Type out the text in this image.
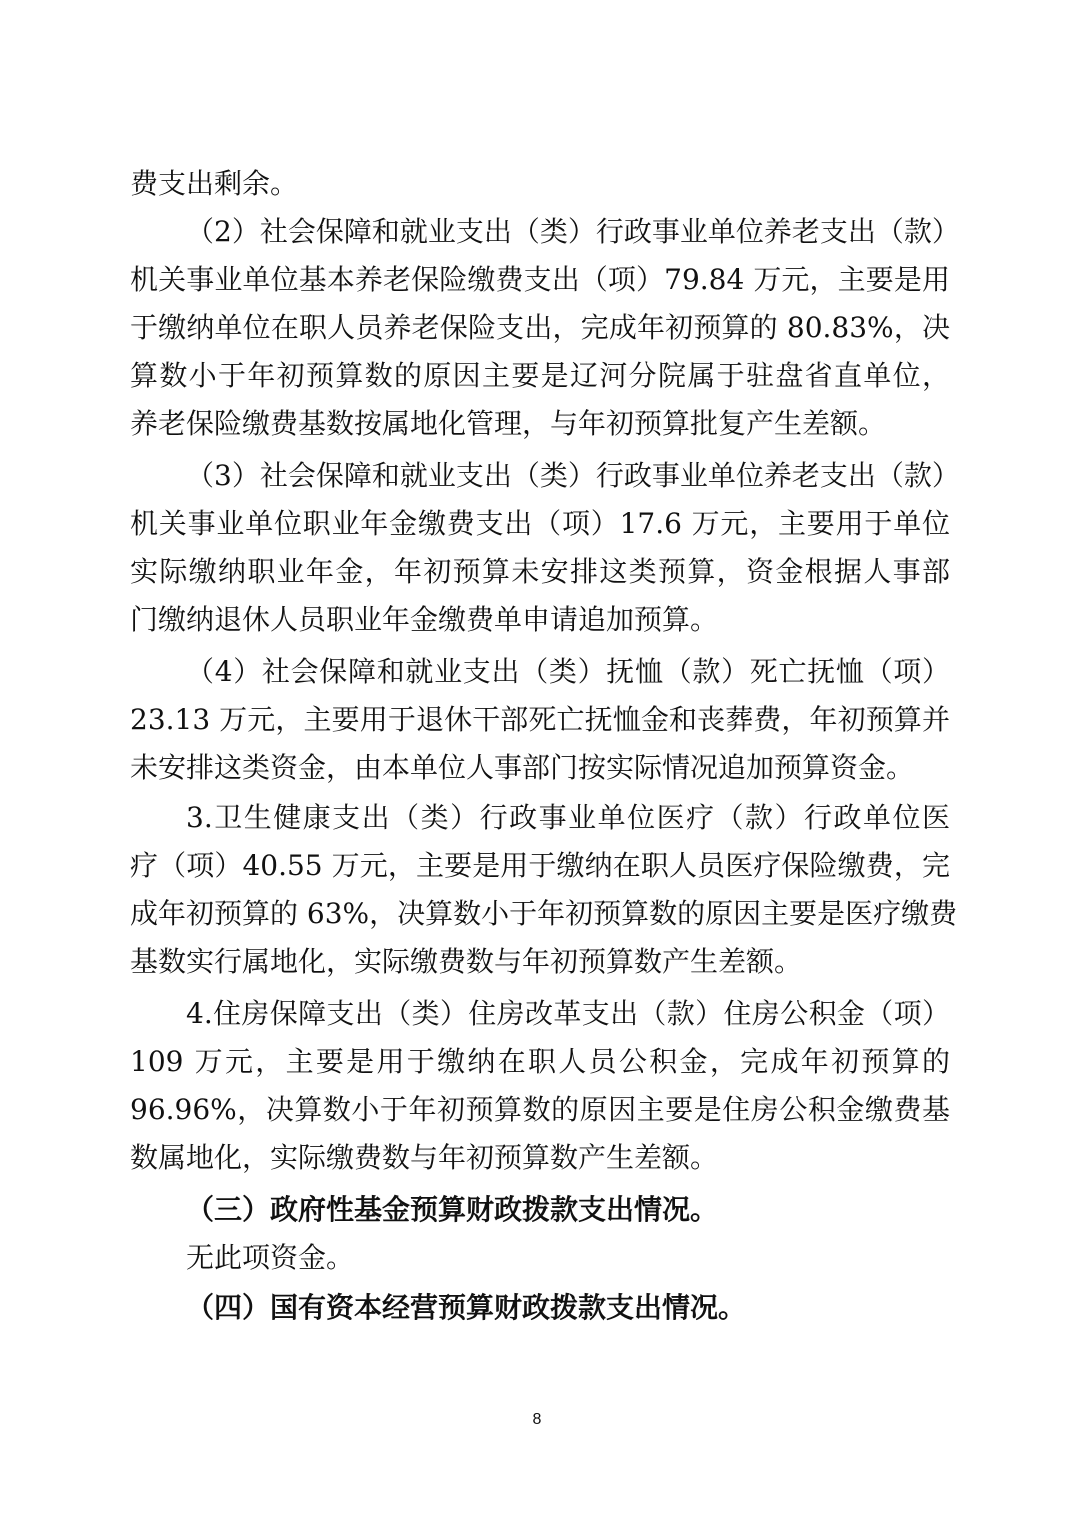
费支出剩余。
（2）社会保障和就业支出（类）行政事业单位养老支出（款）
机关事业单位基本养老保险缴费支出（项）79.84 万元，主要是用
于缴纳单位在职人员养老保险支出，完成年初预算的 80.83%，决
算数小于年初预算数的原因主要是辽河分院属于驻盘省直单位，
养老保险缴费基数按属地化管理，与年初预算批复产生差额。
（3）社会保障和就业支出（类）行政事业单位养老支出（款）
机关事业单位职业年金缴费支出（项）17.6 万元，主要用于单位
实际缴纳职业年金，年初预算未安排这类预算，资金根据人事部
门缴纳退休人员职业年金缴费单申请追加预算。
（4）社会保障和就业支出（类）抚恤（款）死亡抚恤（项）
23.13 万元，主要用于退休干部死亡抚恤金和丧葬费，年初预算并
未安排这类资金，由本单位人事部门按实际情况追加预算资金。
3.卫生健康支出（类）行政事业单位医疗（款）行政单位医
疗（项）40.55 万元，主要是用于缴纳在职人员医疗保险缴费，完
成年初预算的 63%，决算数小于年初预算数的原因主要是医疗缴费
基数实行属地化，实际缴费数与年初预算数产生差额。
4.住房保障支出（类）住房改革支出（款）住房公积金（项）
109 万元，主要是用于缴纳在职人员公积金，完成年初预算的
96.96%，决算数小于年初预算数的原因主要是住房公积金缴费基
数属地化，实际缴费数与年初预算数产生差额。
（三）政府性基金预算财政拨款支出情况。
无此项资金。
（四）国有资本经营预算财政拨款支出情况。
8
